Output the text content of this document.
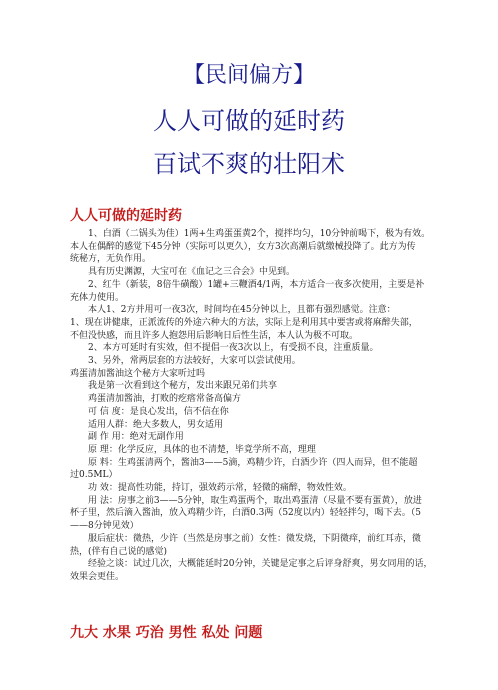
【民间偏方】
人人可做的延时药
百试不爽的壮阳术
人人可做的延时药
1、白酒（二锅头为佳）1两+生鸡蛋蛋黄2个，搅拌均匀，10分钟前喝下，极为有效。
本人在偶醉的感觉下45分钟（实际可以更久），女方3次高潮后就缴械投降了。此方为传
统秘方，无负作用。
具有历史渊源，大宝可在《血记之三合会》中见到。
2、红牛（新装，8倍牛磺酸）1罐+三鞭酒4/1两，本方适合一夜多次使用，主要是补
充体力使用。
本人1、2方并用可一夜3次，时间均在45分钟以上，且都有强烈感觉。注意：
1、现在讲健康，正派流传的外途六种大的方法，实际上是利用其中要害或将麻醉失部，
不但没快感，而且许多人抱怨用后影响日后性生活，本人认为极不可取。
2、本方可延时有实效，但不提倡一夜3次以上，有受损不良，注重质量。
3、另外，常两层套的方法较好，大家可以尝试使用。
鸡蛋清加酱油这个秘方大家听过吗
我是第一次看到这个秘方，发出来跟兄弟们共享
鸡蛋清加酱油，打败的疙瘩常备高偏方
可 信 度：是良心发出，信不信在你
适用人群：绝大多数人，男女适用
副 作 用：绝对无副作用
原 理：化学反应，具体的也不清楚，毕竟学所不高，理理
原 料：生鸡蛋清两个，酱油3——5滴，鸡精少许，白酒少许（四人而异，但不能超
过0.5ML）
功 效：提高性功能，持订，强效药示常，轻微的痛醉，物效性效。
用 法：房事之前3——5分钟，取生鸡蛋两个，取出鸡蛋清（尽量不要有蛋黄），放进
杯子里，然后滴入酱油，放入鸡精少许，白酒0.3两（52度以内）轻轻拌匀，喝下去。（5
——8分钟见效）
服后症状：微热，少许（当然是房事之前）女性：微发烧，下阴微痒，前红耳赤，微
热，(伴有自己说的感觉)
经验之谈：试过几次，大概能延时20分钟，关键是定事之后评身舒爽，男女同用的话，
效果会更佳。
九大 水果 巧治 男性 私处 问题
